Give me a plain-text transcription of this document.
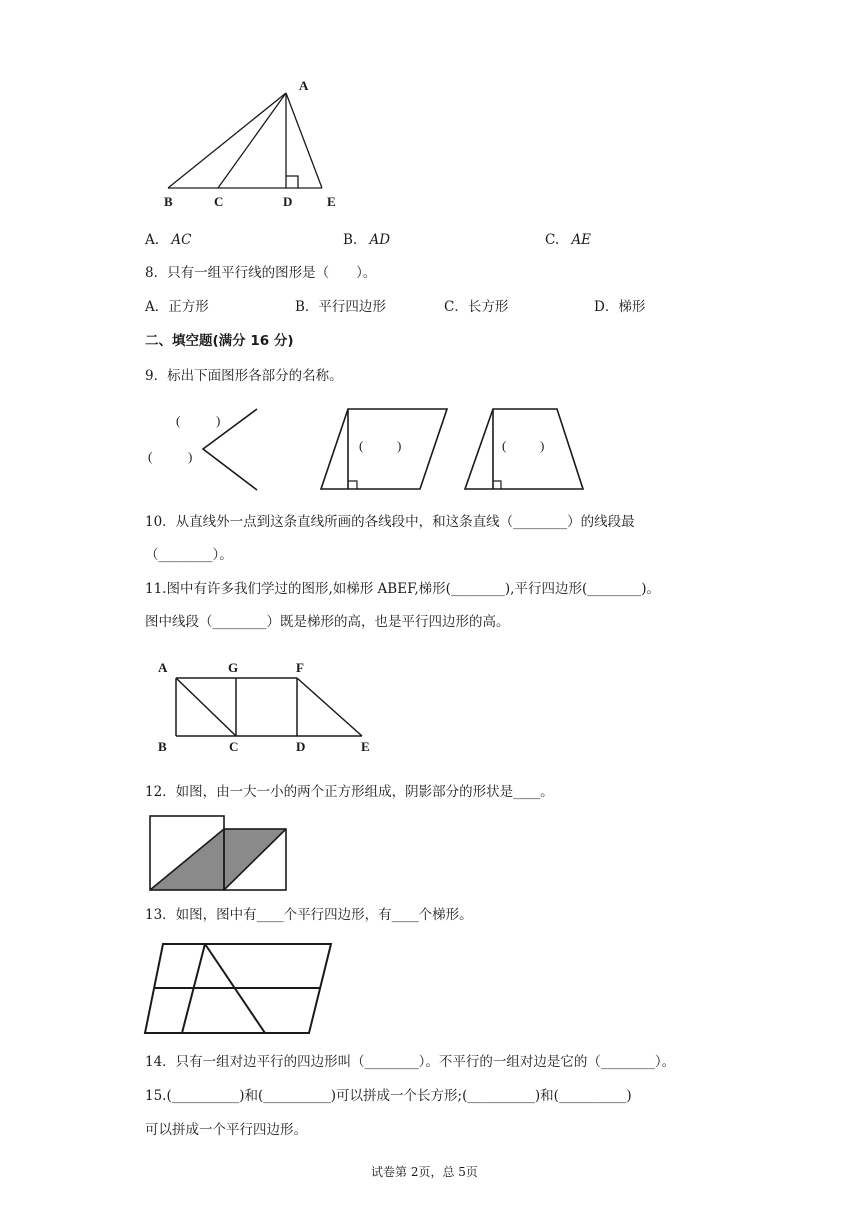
A
B	C	D	E
A. AC	B. AD	C. AE
8．只有一组平行线的图形是（　　）。
A．正方形	B．平行四边形	C．长方形	D．梯形
二、填空题(满分 16 分)
9．标出下面图形各部分的名称。
(	)
(	)
(	)	(	)
10．从直线外一点到这条直线所画的各线段中，和这条直线（________）的线段最
（________）。
11.图中有许多我们学过的图形,如梯形 ABEF,梯形(________),平行四边形(________)。
图中线段（________）既是梯形的高，也是平行四边形的高。
A	G	F
B	C	D	E
12．如图，由一大一小的两个正方形组成，阴影部分的形状是____。
13．如图，图中有____个平行四边形，有____个梯形。
14．只有一组对边平行的四边形叫（________）。不平行的一组对边是它的（________）。
15.(__________)和(__________)可以拼成一个长方形;(__________)和(__________)
可以拼成一个平行四边形。
试卷第 2页，总 5页
